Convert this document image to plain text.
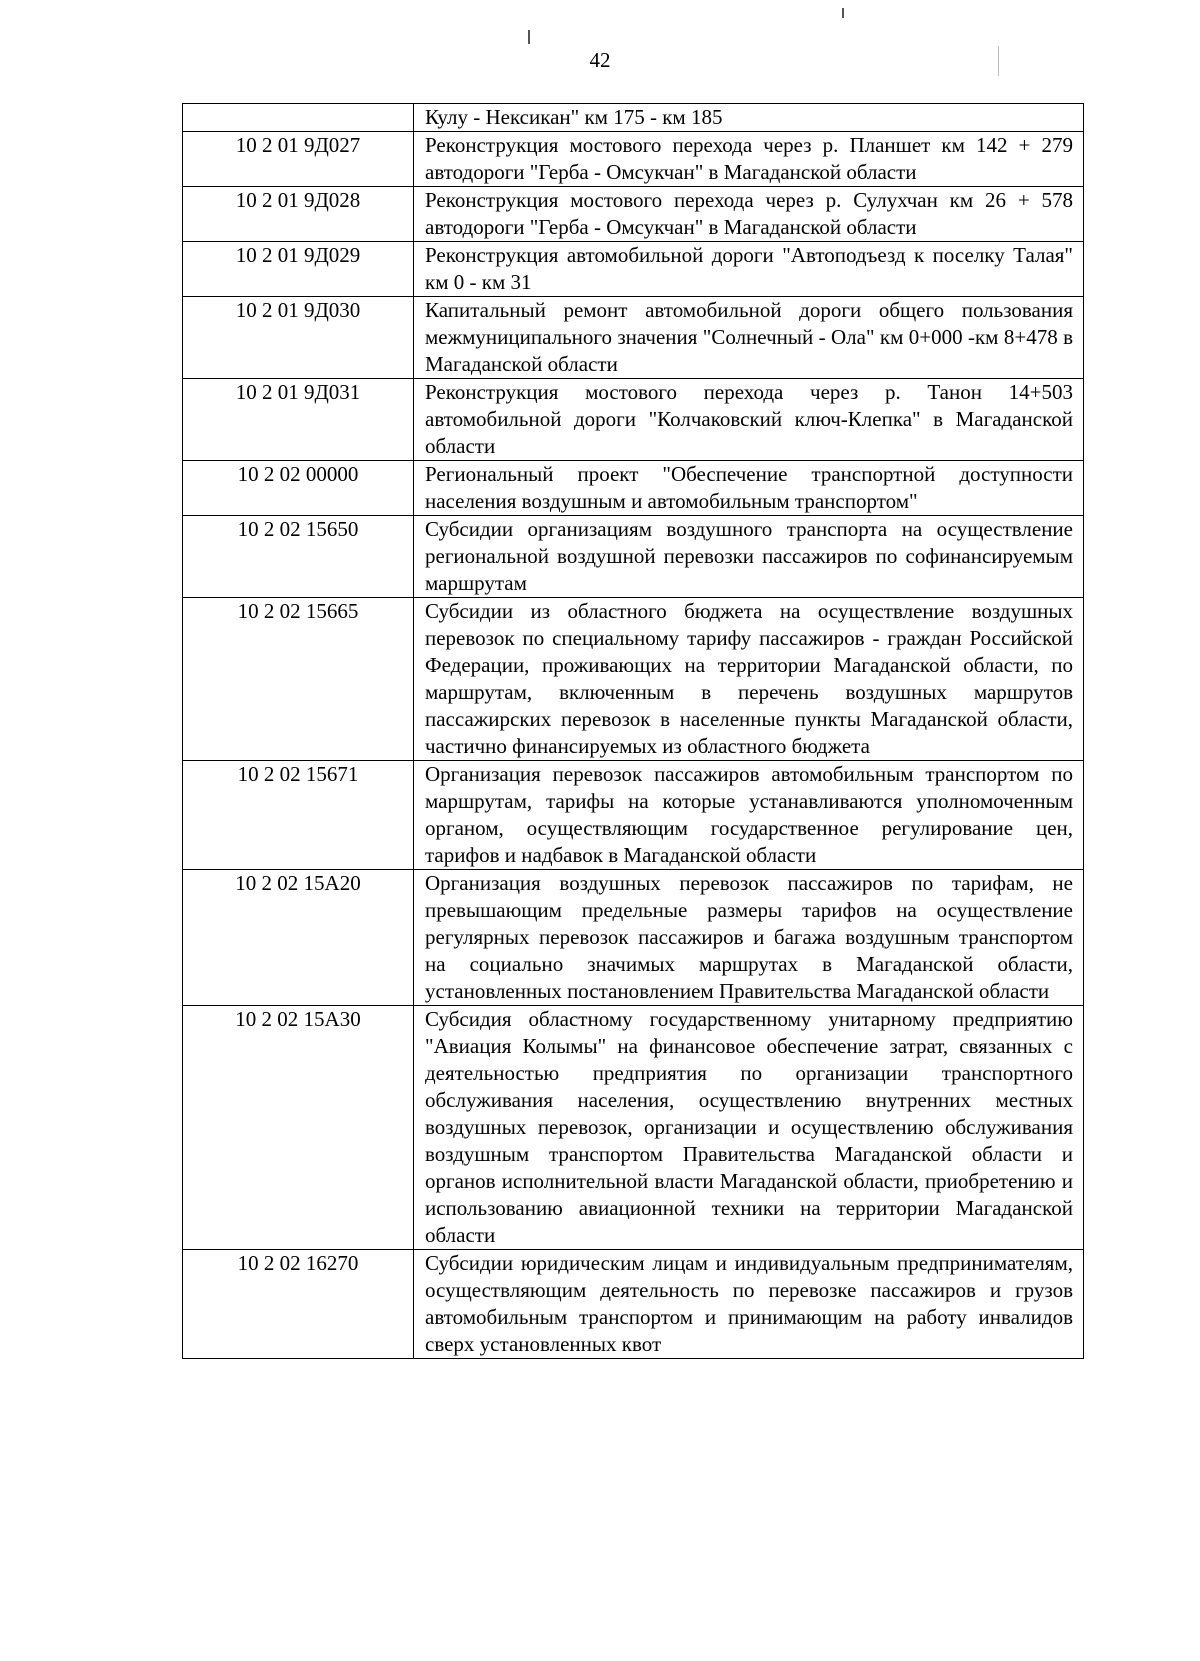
42
	Кулу - Нексикан" км 175 - км 185
10 2 01 9Д027	Реконструкция мостового перехода через р. Планшет км 142 + 279 автодороги "Герба - Омсукчан" в Магаданской области
10 2 01 9Д028	Реконструкция мостового перехода через р. Сулухчан км 26 + 578 автодороги "Герба - Омсукчан" в Магаданской области
10 2 01 9Д029	Реконструкция автомобильной дороги "Автоподъезд к поселку Талая" км 0 - км 31
10 2 01 9Д030	Капитальный ремонт автомобильной дороги общего пользования межмуниципального значения "Солнечный - Ола" км 0+000 -км 8+478 в Магаданской области
10 2 01 9Д031	Реконструкция мостового перехода через р. Танон 14+503 автомобильной дороги "Колчаковский ключ-Клепка" в Магаданской области
10 2 02 00000	Региональный проект "Обеспечение транспортной доступности населения воздушным и автомобильным транспортом"
10 2 02 15650	Субсидии организациям воздушного транспорта на осуществление региональной воздушной перевозки пассажиров по софинансируемым маршрутам
10 2 02 15665	Субсидии из областного бюджета на осуществление воздушных перевозок по специальному тарифу пассажиров - граждан Российской Федерации, проживающих на территории Магаданской области, по маршрутам, включенным в перечень воздушных маршрутов пассажирских перевозок в населенные пункты Магаданской области, частично финансируемых из областного бюджета
10 2 02 15671	Организация перевозок пассажиров автомобильным транспортом по маршрутам, тарифы на которые устанавливаются уполномоченным органом, осуществляющим государственное регулирование цен, тарифов и надбавок в Магаданской области
10 2 02 15А20	Организация воздушных перевозок пассажиров по тарифам, не превышающим предельные размеры тарифов на осуществление регулярных перевозок пассажиров и багажа воздушным транспортом на социально значимых маршрутах в Магаданской области, установленных постановлением Правительства Магаданской области
10 2 02 15А30	Субсидия областному государственному унитарному предприятию "Авиация Колымы" на финансовое обеспечение затрат, связанных с деятельностью предприятия по организации транспортного обслуживания населения, осуществлению внутренних местных воздушных перевозок, организации и осуществлению обслуживания воздушным транспортом Правительства Магаданской области и органов исполнительной власти Магаданской области, приобретению и использованию авиационной техники на территории Магаданской области
10 2 02 16270	Субсидии юридическим лицам и индивидуальным предпринимателям, осуществляющим деятельность по перевозке пассажиров и грузов автомобильным транспортом и принимающим на работу инвалидов сверх установленных квот
